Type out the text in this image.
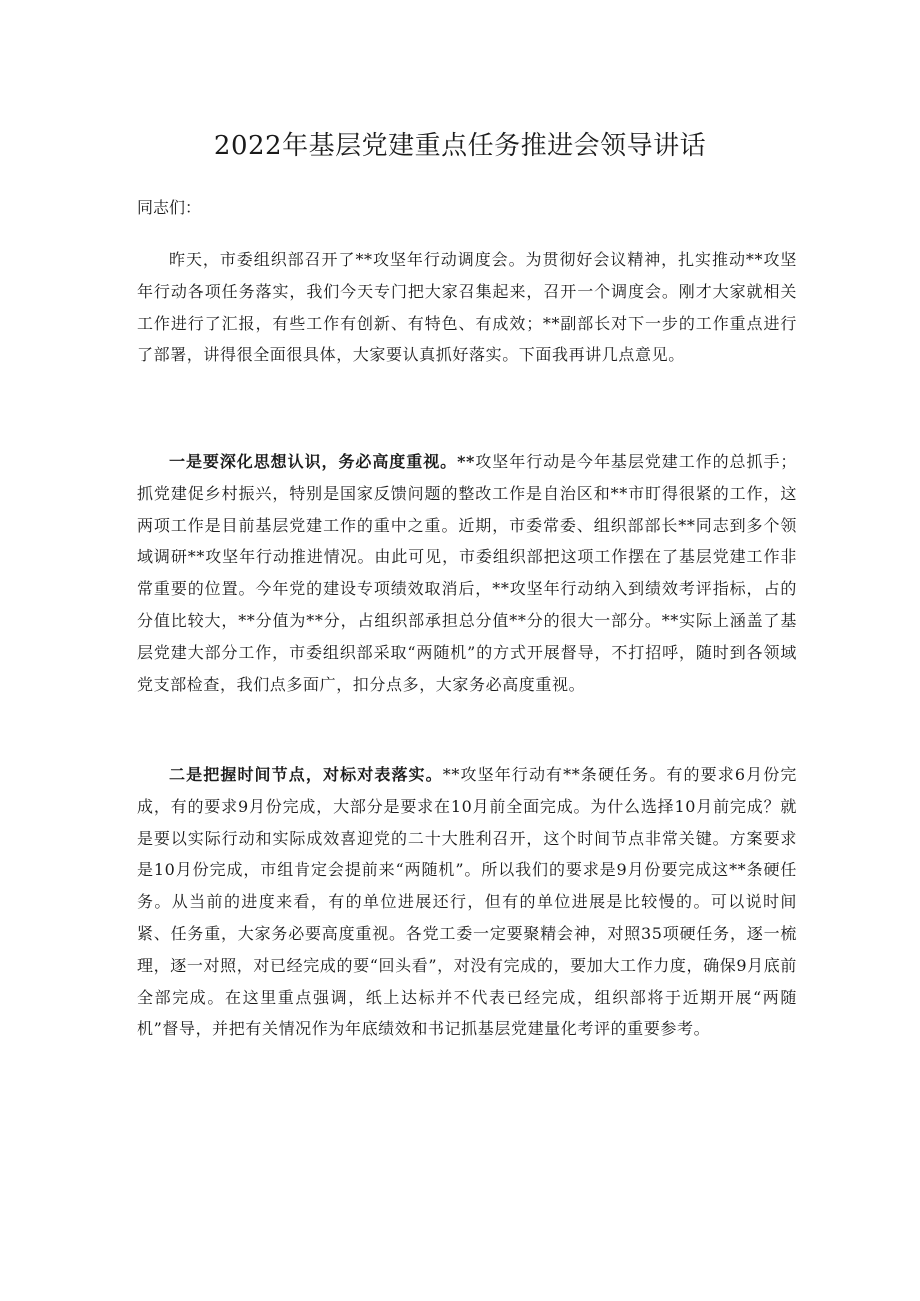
2022年基层党建重点任务推进会领导讲话

同志们：

昨天，市委组织部召开了**攻坚年行动调度会。为贯彻好会议精神，扎实推动**攻坚年行动各项任务落实，我们今天专门把大家召集起来，召开一个调度会。刚才大家就相关工作进行了汇报，有些工作有创新、有特色、有成效；**副部长对下一步的工作重点进行了部署，讲得很全面很具体，大家要认真抓好落实。下面我再讲几点意见。

一是要深化思想认识，务必高度重视。**攻坚年行动是今年基层党建工作的总抓手；抓党建促乡村振兴，特别是国家反馈问题的整改工作是自治区和**市盯得很紧的工作，这两项工作是目前基层党建工作的重中之重。近期，市委常委、组织部部长**同志到多个领域调研**攻坚年行动推进情况。由此可见，市委组织部把这项工作摆在了基层党建工作非常重要的位置。今年党的建设专项绩效取消后，**攻坚年行动纳入到绩效考评指标，占的分值比较大，**分值为**分，占组织部承担总分值**分的很大一部分。**实际上涵盖了基层党建大部分工作，市委组织部采取“两随机”的方式开展督导，不打招呼，随时到各领域党支部检查，我们点多面广，扣分点多，大家务必高度重视。

二是把握时间节点，对标对表落实。**攻坚年行动有**条硬任务。有的要求6月份完成，有的要求9月份完成，大部分是要求在10月前全面完成。为什么选择10月前完成？就是要以实际行动和实际成效喜迎党的二十大胜利召开，这个时间节点非常关键。方案要求是10月份完成，市组肯定会提前来“两随机”。所以我们的要求是9月份要完成这**条硬任务。从当前的进度来看，有的单位进展还行，但有的单位进展是比较慢的。可以说时间紧、任务重，大家务必要高度重视。各党工委一定要聚精会神，对照35项硬任务，逐一梳理，逐一对照，对已经完成的要“回头看”，对没有完成的，要加大工作力度，确保9月底前全部完成。在这里重点强调，纸上达标并不代表已经完成，组织部将于近期开展“两随机”督导，并把有关情况作为年底绩效和书记抓基层党建量化考评的重要参考。
